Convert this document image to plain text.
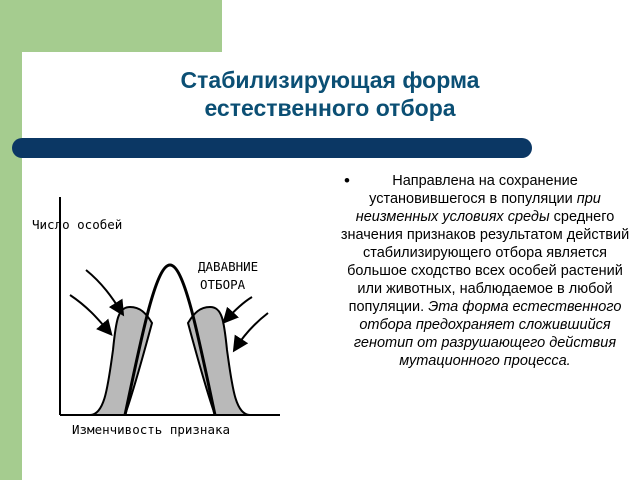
Стабилизирующая форма
естественного отбора
Число особей
ДАВАВНИЕ
ОТБОРА
Изменчивость признака
•	Направлена на сохранение установившегося в популяции при неизменных условиях среды среднего значения признаков результатом действий стабилизирующего отбора является большое сходство всех особей растений или животных, наблюдаемое в любой популяции. Эта форма естественного отбора предохраняет сложившийся генотип от разрушающего действия мутационного процесса.
